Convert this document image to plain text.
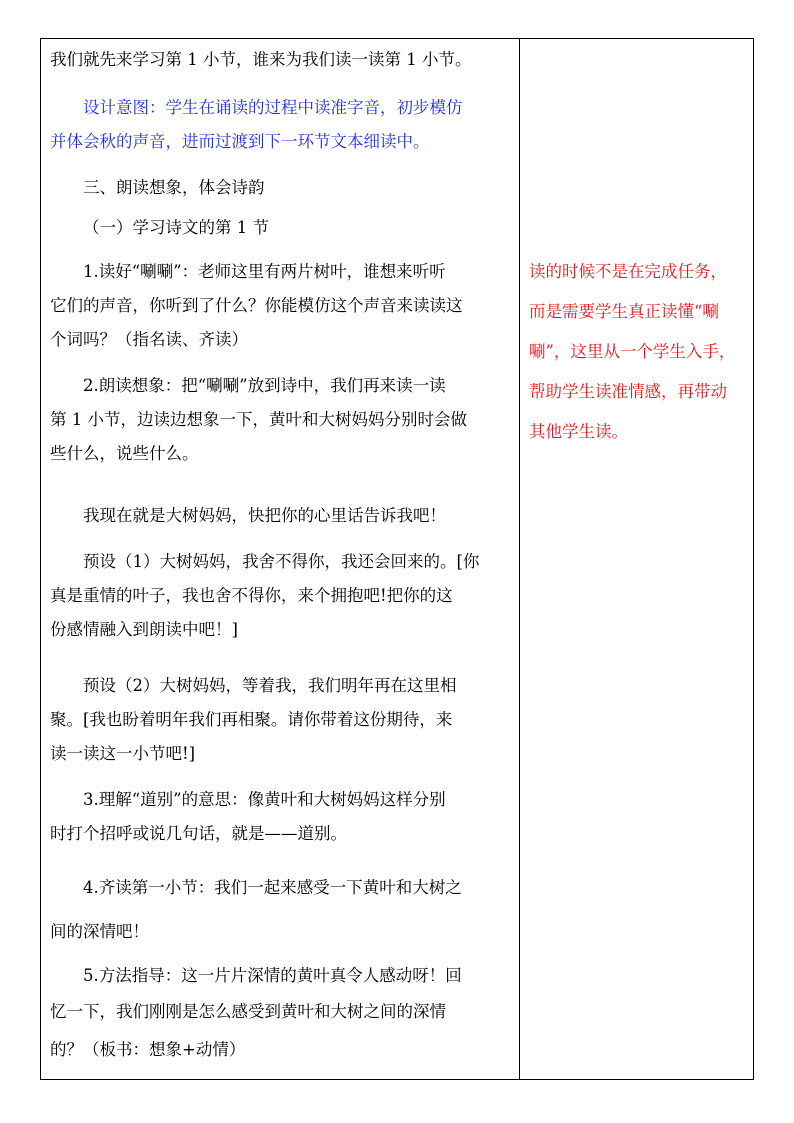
我们就先来学习第 1 小节，谁来为我们读一读第 1 小节。
设计意图：学生在诵读的过程中读准字音，初步模仿
并体会秋的声音，进而过渡到下一环节文本细读中。
三、朗读想象，体会诗韵
（一）学习诗文的第 1 节
1.读好“唰唰”：老师这里有两片树叶，谁想来听听
它们的声音，你听到了什么？你能模仿这个声音来读读这
个词吗？（指名读、齐读）
2.朗读想象：把“唰唰”放到诗中，我们再来读一读
第 1 小节，边读边想象一下，黄叶和大树妈妈分别时会做
些什么，说些什么。
我现在就是大树妈妈，快把你的心里话告诉我吧！
预设（1）大树妈妈，我舍不得你，我还会回来的。[你
真是重情的叶子，我也舍不得你，来个拥抱吧!把你的这
份感情融入到朗读中吧！]
预设（2）大树妈妈，等着我，我们明年再在这里相
聚。[我也盼着明年我们再相聚。请你带着这份期待，来
读一读这一小节吧!]
3.理解“道别”的意思：像黄叶和大树妈妈这样分别
时打个招呼或说几句话，就是——道别。
4.齐读第一小节：我们一起来感受一下黄叶和大树之
间的深情吧！
5.方法指导：这一片片深情的黄叶真令人感动呀！回
忆一下，我们刚刚是怎么感受到黄叶和大树之间的深情
的？（板书：想象+动情）
读的时候不是在完成任务，
而是需要学生真正读懂“唰
唰”，这里从一个学生入手，
帮助学生读准情感，再带动
其他学生读。
